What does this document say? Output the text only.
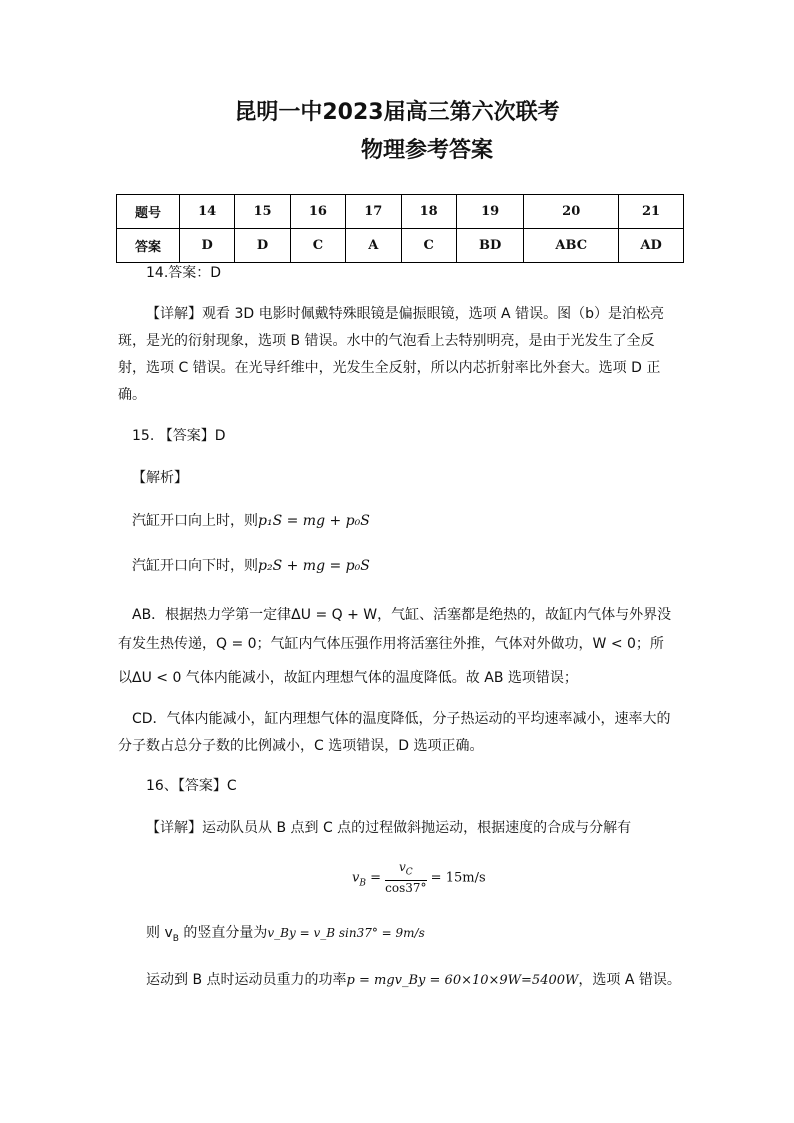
昆明一中2023届高三第六次联考
物理参考答案
题号	14	15	16	17	18	19	20	21
答案	D	D	C	A	C	BD	ABC	AD
14.答案：D
【详解】观看 3D 电影时佩戴特殊眼镜是偏振眼镜，选项 A 错误。图（b）是泊松亮
斑，是光的衍射现象，选项 B 错误。水中的气泡看上去特别明亮，是由于光发生了全反
射，选项 C 错误。在光导纤维中，光发生全反射，所以内芯折射率比外套大。选项 D 正
确。
15. 【答案】D
【解析】
汽缸开口向上时，则p₁S = mg + p₀S
汽缸开口向下时，则p₂S + mg = p₀S
AB．根据热力学第一定律ΔU = Q + W，气缸、活塞都是绝热的，故缸内气体与外界没
有发生热传递，Q = 0；气缸内气体压强作用将活塞往外推，气体对外做功，W < 0；所
以ΔU < 0 气体内能减小，故缸内理想气体的温度降低。故 AB 选项错误；
CD．气体内能减小，缸内理想气体的温度降低，分子热运动的平均速率减小，速率大的
分子数占总分子数的比例减小，C 选项错误，D 选项正确。
16、【答案】C
【详解】运动队员从 B 点到 C 点的过程做斜抛运动，根据速度的合成与分解有
$v_B = \frac{v_C}{\cos 37^\circ} = 15m/s$
则 $v_B$ 的竖直分量为v_By = v_B sin37° = 9m/s
运动到 B 点时运动员重力的功率p = mgv_By = 60×10×9W=5400W，选项 A 错误。
